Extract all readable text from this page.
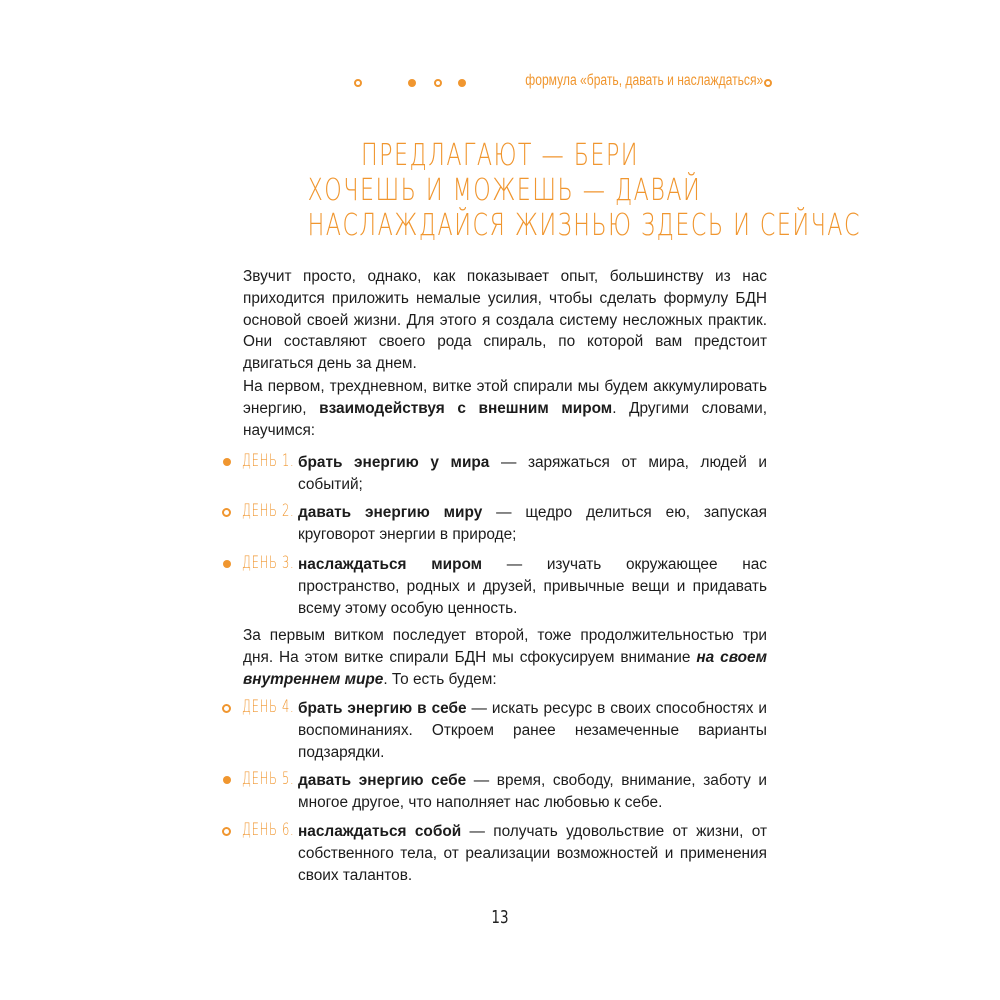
формула «брать, давать и наслаждаться»
ПРЕДЛАГАЮТ — БЕРИ
ХОЧЕШЬ И МОЖЕШЬ — ДАВАЙ
НАСЛАЖДАЙСЯ ЖИЗНЬЮ ЗДЕСЬ И СЕЙЧАС
Звучит просто, однако, как показывает опыт, большинству из нас приходится приложить немалые усилия, чтобы сделать формулу БДН основой своей жизни. Для этого я создала систему несложных практик. Они составляют своего рода спираль, по которой вам предстоит двигаться день за днем.
На первом, трехдневном, витке этой спирали мы будем аккумулировать энергию, взаимодействуя с внешним миром. Другими словами, научимся:
ДЕНЬ 1. брать энергию у мира — заряжаться от мира, людей и событий;
ДЕНЬ 2. давать энергию миру — щедро делиться ею, запуская круговорот энергии в природе;
ДЕНЬ 3. наслаждаться миром — изучать окружающее нас пространство, родных и друзей, привычные вещи и придавать всему этому особую ценность.
За первым витком последует второй, тоже продолжительностью три дня. На этом витке спирали БДН мы сфокусируем внимание на своем внутреннем мире. То есть будем:
ДЕНЬ 4. брать энергию в себе — искать ресурс в своих способностях и воспоминаниях. Откроем ранее незамеченные варианты подзарядки.
ДЕНЬ 5. давать энергию себе — время, свободу, внимание, заботу и многое другое, что наполняет нас любовью к себе.
ДЕНЬ 6. наслаждаться собой — получать удовольствие от жизни, от собственного тела, от реализации возможностей и применения своих талантов.
13
